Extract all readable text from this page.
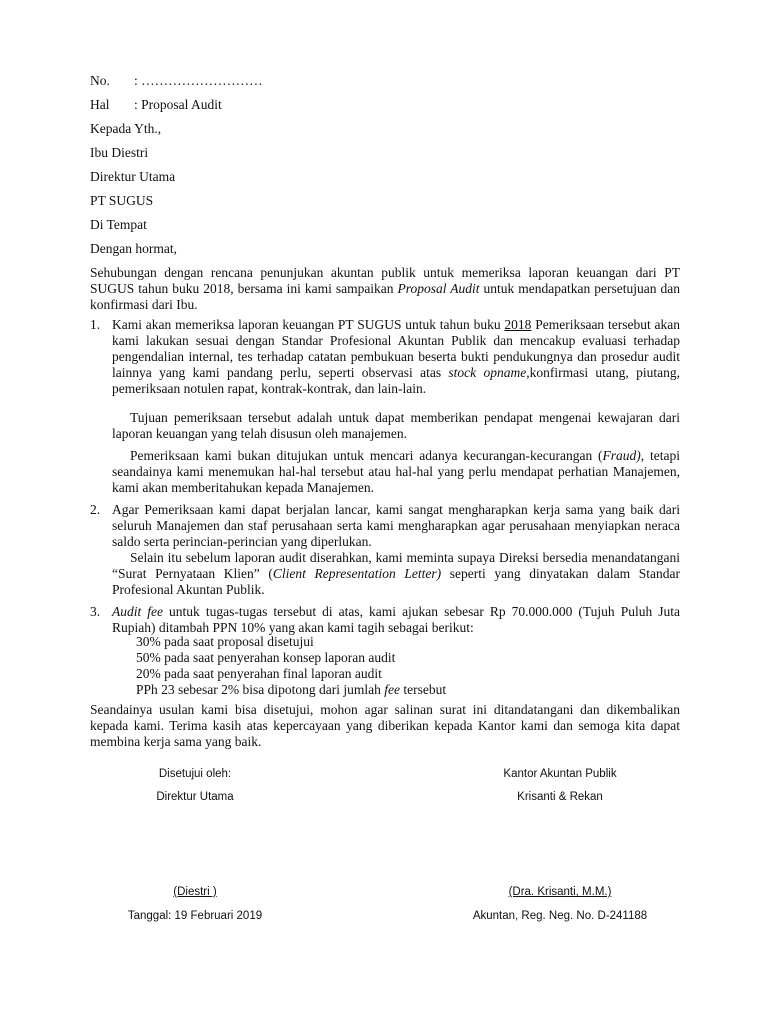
No. : ………………………
Hal : Proposal Audit
Kepada Yth.,
Ibu Diestri
Direktur Utama
PT SUGUS
Di Tempat
Dengan hormat,
Sehubungan dengan rencana penunjukan akuntan publik untuk memeriksa laporan keuangan dari PT SUGUS tahun buku 2018, bersama ini kami sampaikan Proposal Audit untuk mendapatkan persetujuan dan konfirmasi dari Ibu.
1. Kami akan memeriksa laporan keuangan PT SUGUS untuk tahun buku 2018 Pemeriksaan tersebut akan kami lakukan sesuai dengan Standar Profesional Akuntan Publik dan mencakup evaluasi terhadap pengendalian internal, tes terhadap catatan pembukuan beserta bukti pendukungnya dan prosedur audit lainnya yang kami pandang perlu, seperti observasi atas stock opname,konfirmasi utang, piutang, pemeriksaan notulen rapat, kontrak-kontrak, dan lain-lain.
Tujuan pemeriksaan tersebut adalah untuk dapat memberikan pendapat mengenai kewajaran dari laporan keuangan yang telah disusun oleh manajemen.
Pemeriksaan kami bukan ditujukan untuk mencari adanya kecurangan-kecurangan (Fraud), tetapi seandainya kami menemukan hal-hal tersebut atau hal-hal yang perlu mendapat perhatian Manajemen, kami akan memberitahukan kepada Manajemen.
2. Agar Pemeriksaan kami dapat berjalan lancar, kami sangat mengharapkan kerja sama yang baik dari seluruh Manajemen dan staf perusahaan serta kami mengharapkan agar perusahaan menyiapkan neraca saldo serta perincian-perincian yang diperlukan.
Selain itu sebelum laporan audit diserahkan, kami meminta supaya Direksi bersedia menandatangani “Surat Pernyataan Klien” (Client Representation Letter) seperti yang dinyatakan dalam Standar Profesional Akuntan Publik.
3. Audit fee untuk tugas-tugas tersebut di atas, kami ajukan sebesar Rp 70.000.000 (Tujuh Puluh Juta Rupiah) ditambah PPN 10% yang akan kami tagih sebagai berikut:
30% pada saat proposal disetujui
50% pada saat penyerahan konsep laporan audit
20% pada saat penyerahan final laporan audit
PPh 23 sebesar 2% bisa dipotong dari jumlah fee tersebut
Seandainya usulan kami bisa disetujui, mohon agar salinan surat ini ditandatangani dan dikembalikan kepada kami. Terima kasih atas kepercayaan yang diberikan kepada Kantor kami dan semoga kita dapat membina kerja sama yang baik.
Disetujui oleh:
Direktur Utama
(Diestri )
Tanggal: 19 Februari 2019
Kantor Akuntan Publik
Krisanti & Rekan
(Dra. Krisanti, M.M.)
Akuntan, Reg. Neg. No. D-241188
